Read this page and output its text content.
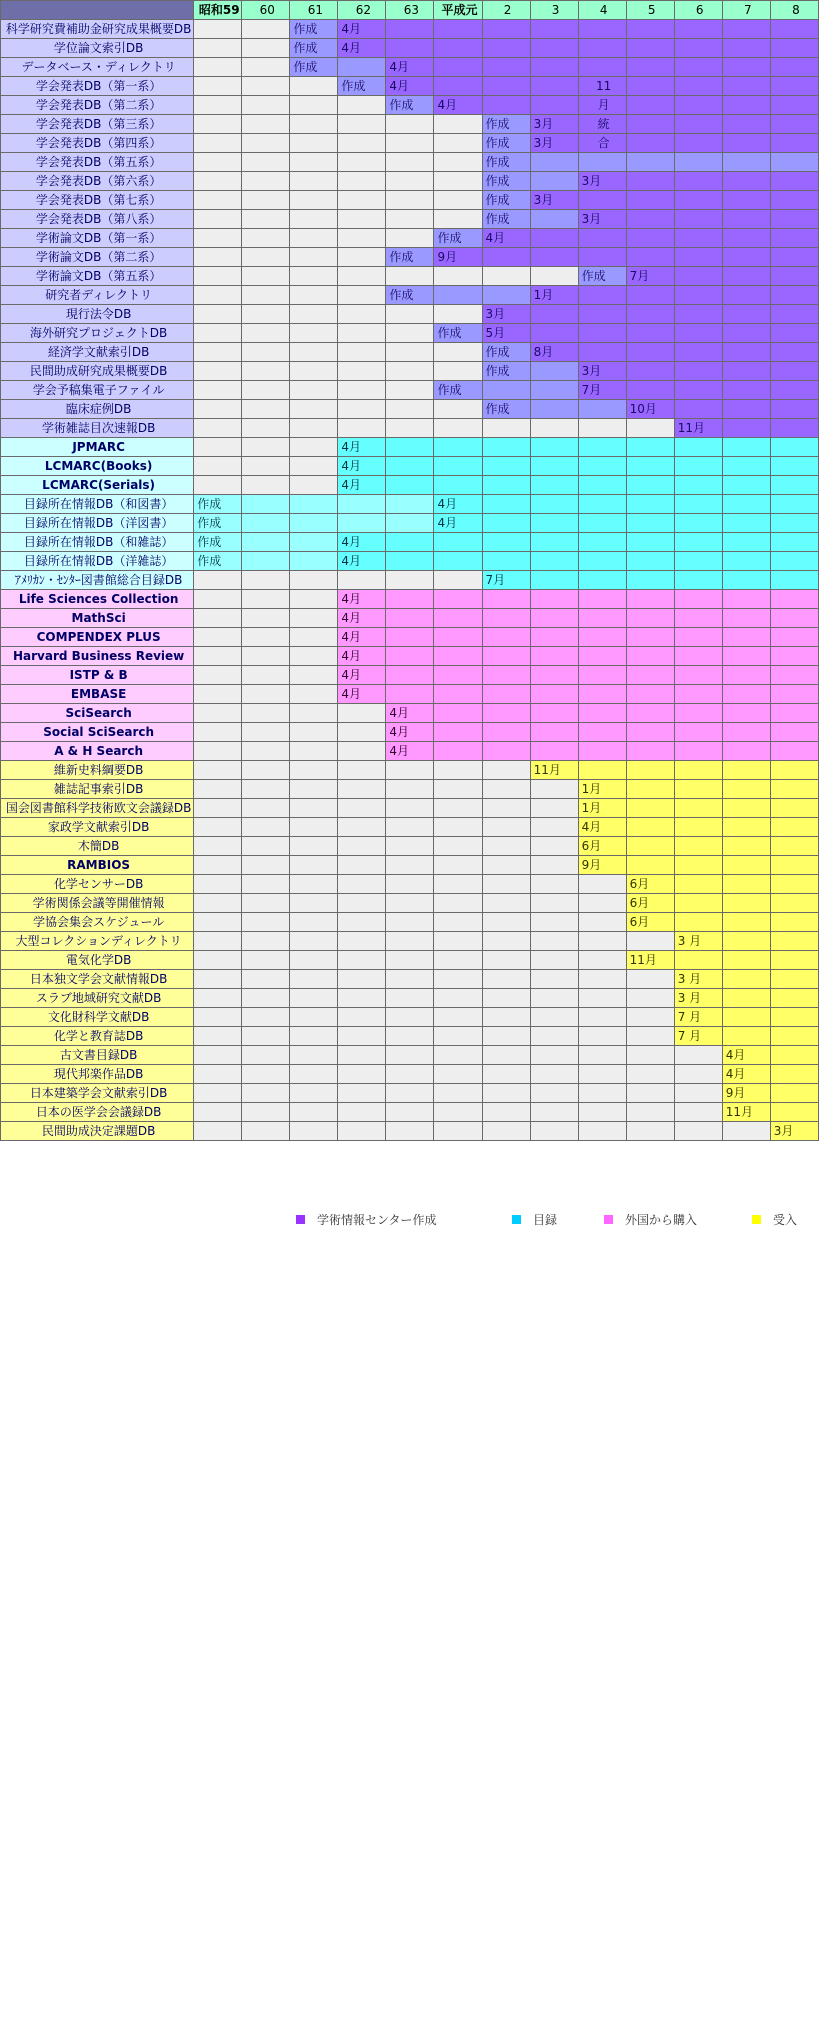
	昭和59	60	61	62	63	平成元	2	3	4	5	6	7	8
科学研究費補助金研究成果概要DB			作成	4月									
学位論文索引DB			作成	4月									
データベース・ディレクトリ			作成		4月								
学会発表DB（第一系）				作成	4月				11				
学会発表DB（第二系）					作成	4月			月				
学会発表DB（第三系）							作成	3月	統				
学会発表DB（第四系）							作成	3月	合				
学会発表DB（第五系）							作成						
学会発表DB（第六系）							作成		3月				
学会発表DB（第七系）							作成	3月					
学会発表DB（第八系）							作成		3月				
学術論文DB（第一系）						作成	4月						
学術論文DB（第二系）					作成	9月							
学術論文DB（第五系）									作成	7月			
研究者ディレクトリ					作成			1月					
現行法令DB							3月						
海外研究プロジェクトDB						作成	5月						
経済学文献索引DB							作成	8月					
民間助成研究成果概要DB							作成		3月				
学会予稿集電子ファイル						作成			7月				
臨床症例DB							作成			10月			
学術雑誌目次速報DB											11月		
JPMARC				4月									
LCMARC(Books)				4月									
LCMARC(Serials)				4月									
目録所在情報DB（和図書）	作成					4月							
目録所在情報DB（洋図書）	作成					4月							
目録所在情報DB（和雑誌）	作成			4月									
目録所在情報DB（洋雑誌）	作成			4月									
ｱﾒﾘｶﾝ・ｾﾝﾀｰ図書館総合目録DB							7月						
Life Sciences Collection				4月									
MathSci				4月									
COMPENDEX PLUS				4月									
Harvard Business Review				4月									
ISTP & B				4月									
EMBASE				4月									
SciSearch					4月								
Social SciSearch					4月								
A & H Search					4月								
維新史料綱要DB								11月					
雑誌記事索引DB									1月				
国会図書館科学技術欧文会議録DB									1月				
家政学文献索引DB									4月				
木簡DB									6月				
RAMBIOS									9月				
化学センサーDB										6月			
学術関係会議等開催情報										6月			
学協会集会スケジュール										6月			
大型コレクションディレクトリ											3 月		
電気化学DB										11月			
日本独文学会文献情報DB											3 月		
スラブ地域研究文献DB											3 月		
文化財科学文献DB											7 月		
化学と教育誌DB											7 月		
古文書目録DB												4月	
現代邦楽作品DB												4月	
日本建築学会文献索引DB												9月	
日本の医学会会議録DB												11月	
民間助成決定課題DB													3月
学術情報センター作成	目録	外国から購入	受入
